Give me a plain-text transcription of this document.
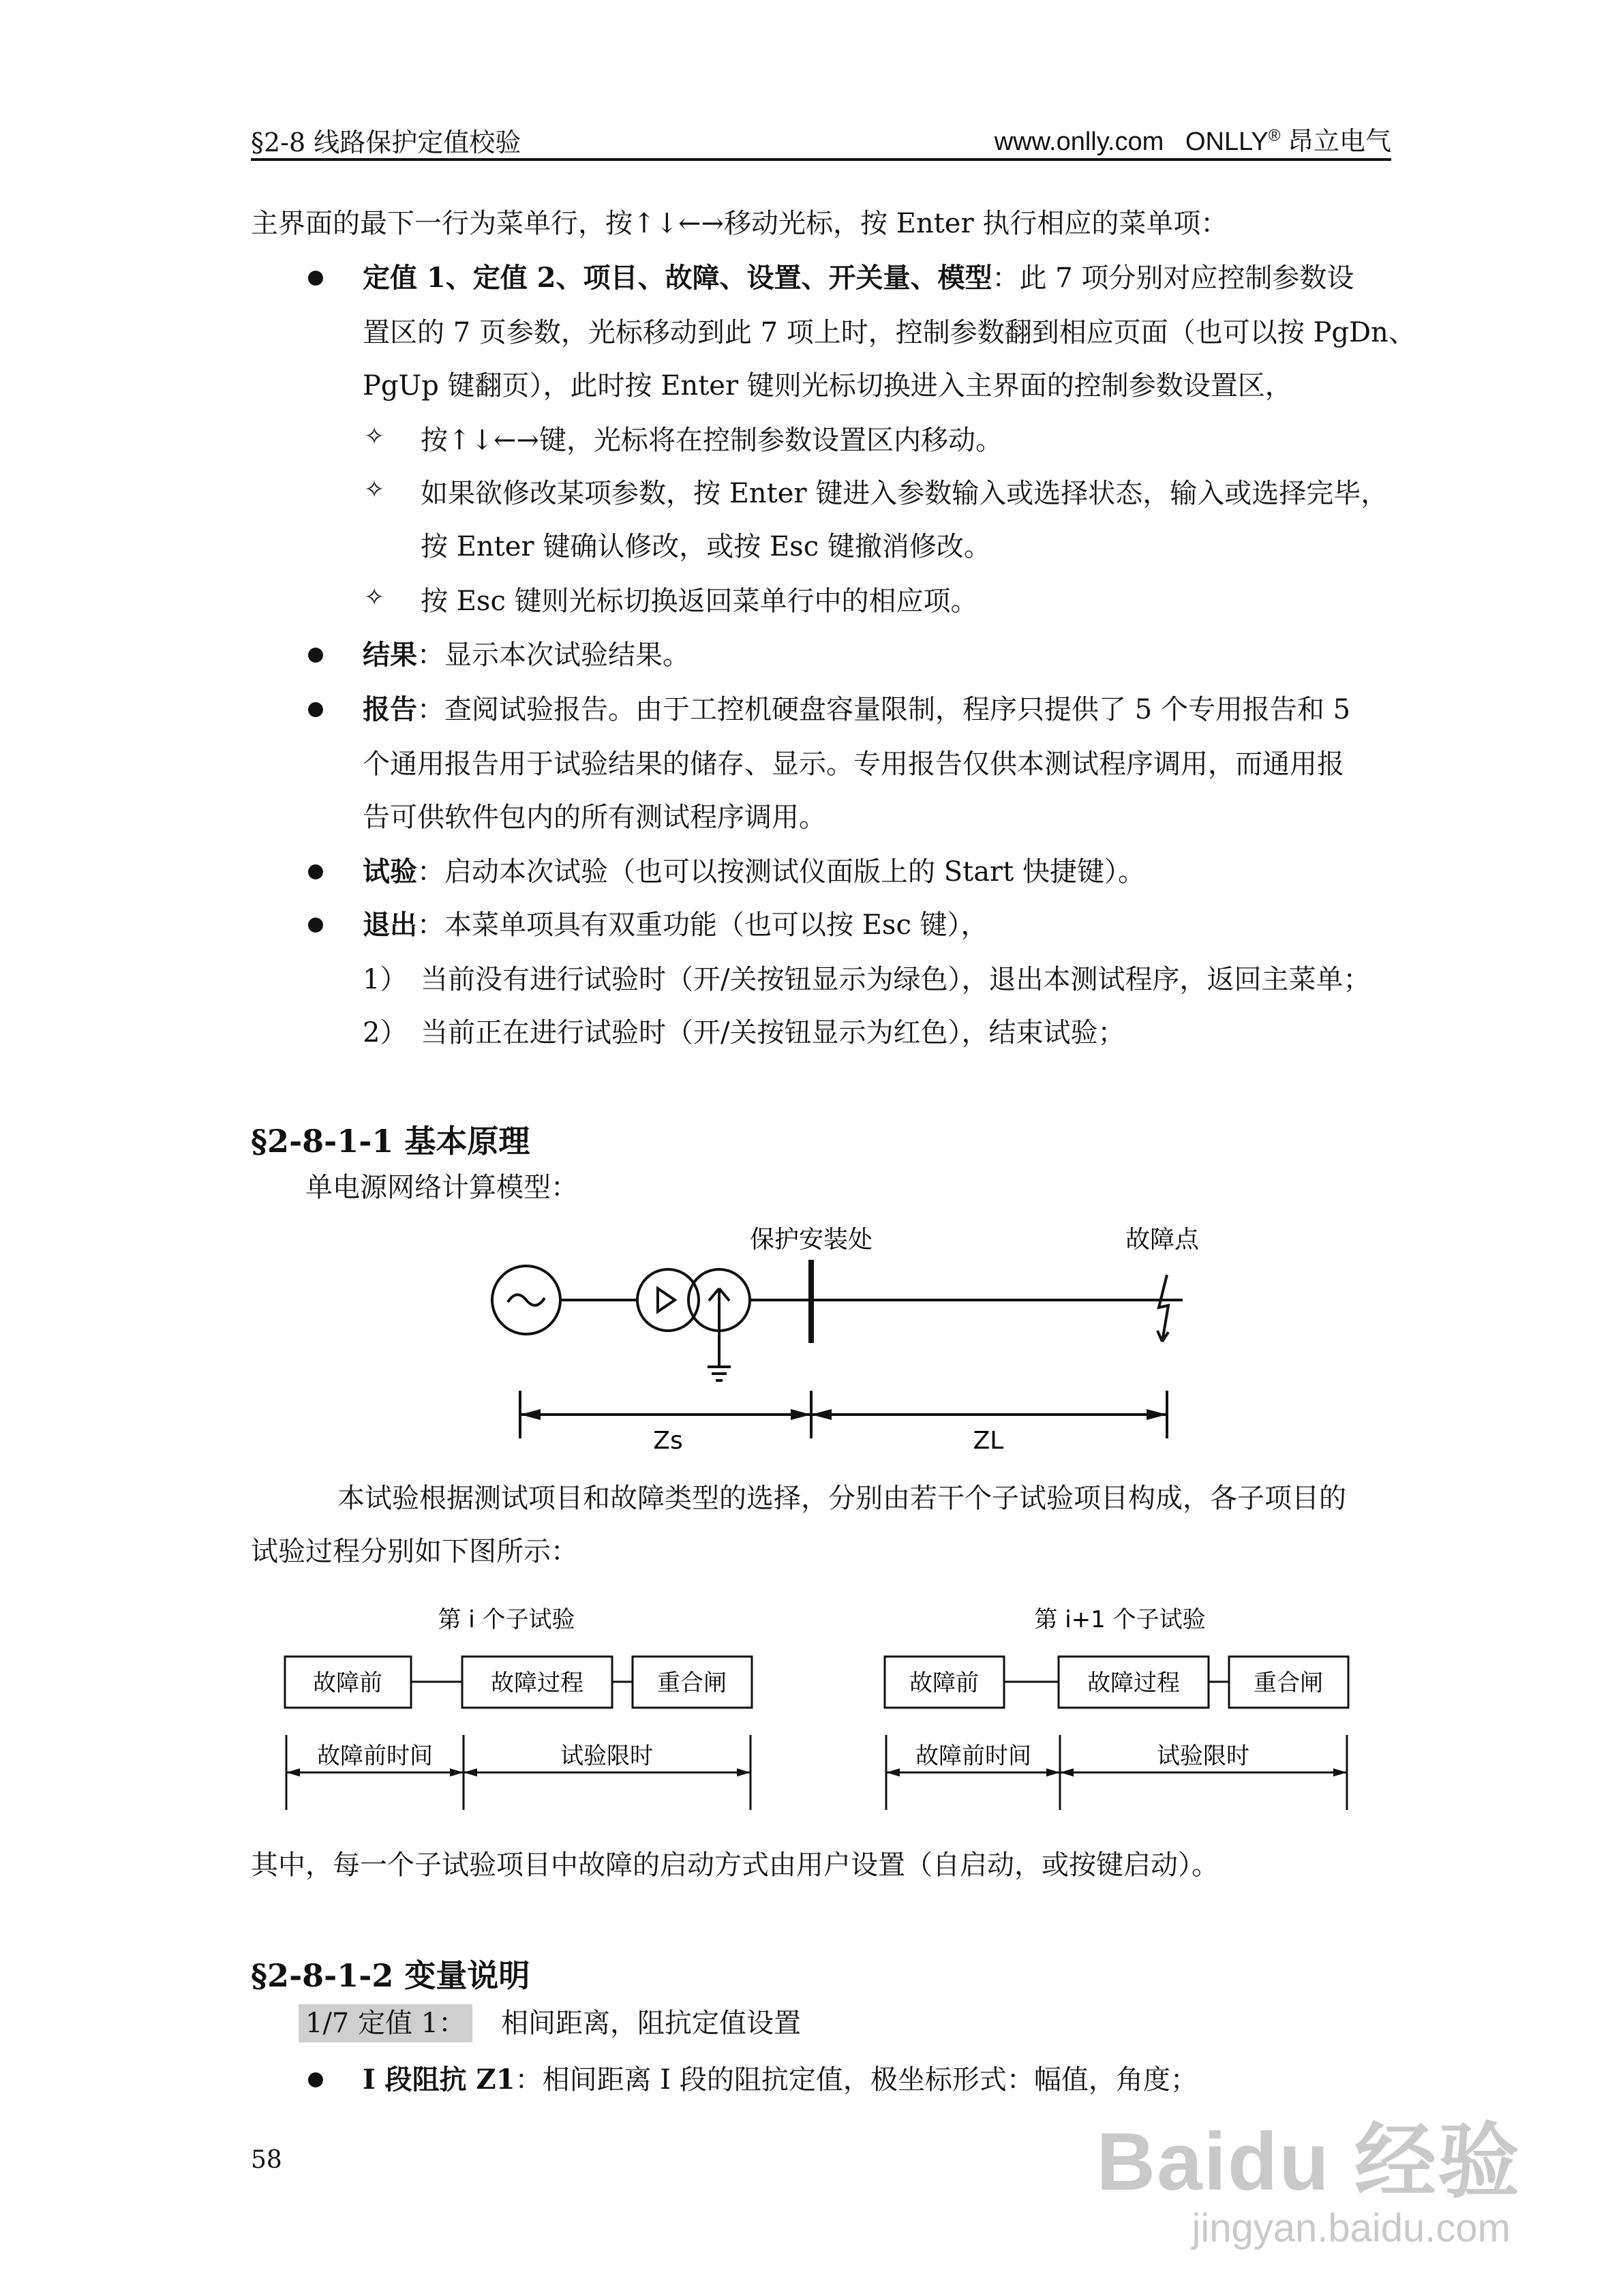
§2-8 线路保护定值校验	www.onlly.com ONLLY® 昂立电气
主界面的最下一行为菜单行，按↑↓←→移动光标，按 Enter 执行相应的菜单项：
定值 1、定值 2、项目、故障、设置、开关量、模型：此 7 项分别对应控制参数设
置区的 7 页参数，光标移动到此 7 项上时，控制参数翻到相应页面（也可以按 PgDn、
PgUp 键翻页），此时按 Enter 键则光标切换进入主界面的控制参数设置区，
✧ 按↑↓←→键，光标将在控制参数设置区内移动。
✧ 如果欲修改某项参数，按 Enter 键进入参数输入或选择状态，输入或选择完毕，
按 Enter 键确认修改，或按 Esc 键撤消修改。
✧ 按 Esc 键则光标切换返回菜单行中的相应项。
结果：显示本次试验结果。
报告：查阅试验报告。由于工控机硬盘容量限制，程序只提供了 5 个专用报告和 5
个通用报告用于试验结果的储存、显示。专用报告仅供本测试程序调用，而通用报
告可供软件包内的所有测试程序调用。
试验：启动本次试验（也可以按测试仪面版上的 Start 快捷键）。
退出：本菜单项具有双重功能（也可以按 Esc 键），
1） 当前没有进行试验时（开/关按钮显示为绿色），退出本测试程序，返回主菜单；
2） 当前正在进行试验时（开/关按钮显示为红色），结束试验；
§2-8-1-1 基本原理
单电源网络计算模型：
保护安装处	故障点
Zs	ZL
本试验根据测试项目和故障类型的选择，分别由若干个子试验项目构成，各子项目的
试验过程分别如下图所示：
第 i 个子试验	第 i+1 个子试验
故障前	故障过程	重合闸
故障前时间	试验限时
故障前	故障过程	重合闸
故障前时间	试验限时
其中，每一个子试验项目中故障的启动方式由用户设置（自启动，或按键启动）。
§2-8-1-2 变量说明
1/7 定值 1： 相间距离，阻抗定值设置
I 段阻抗 Z1：相间距离 I 段的阻抗定值，极坐标形式：幅值，角度；
58	Baidu 经验
jingyan.baidu.com
